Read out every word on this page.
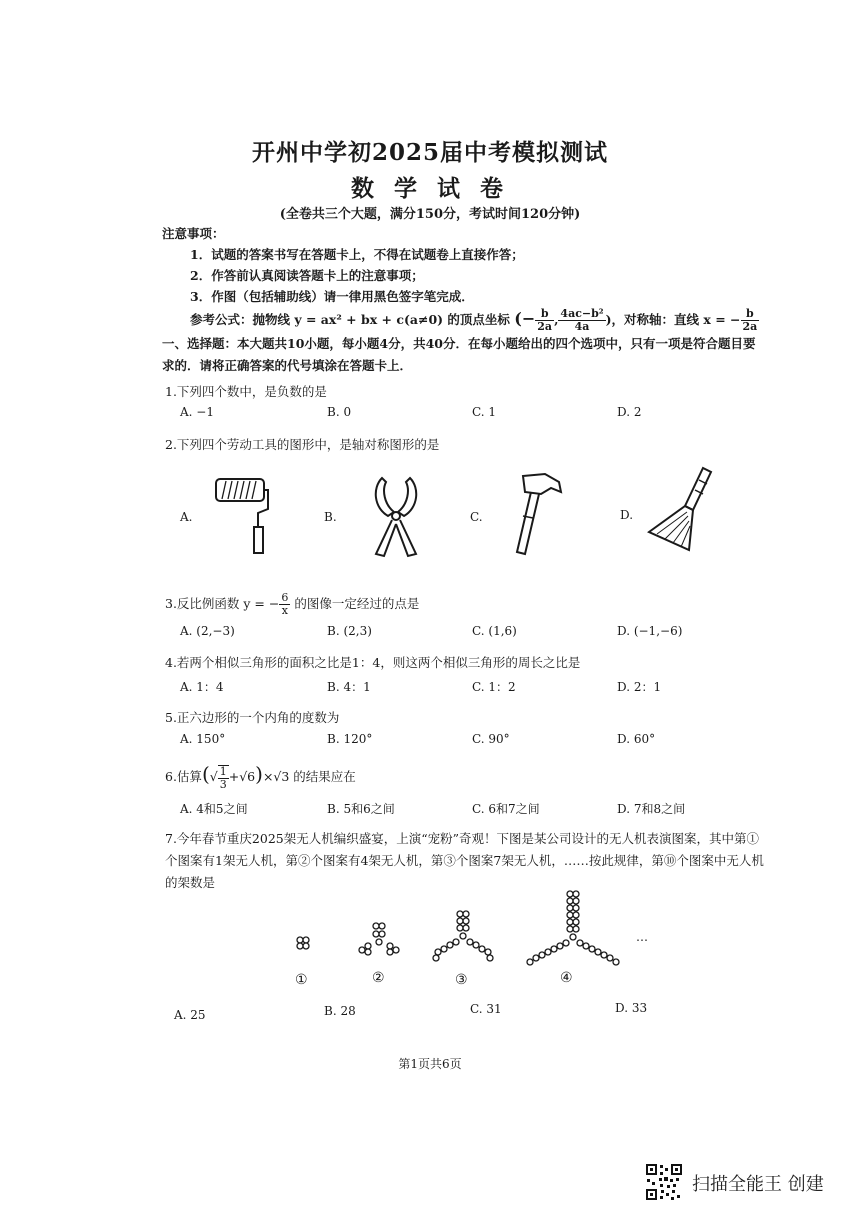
开州中学初2025届中考模拟测试
数 学 试 卷
(全卷共三个大题，满分150分，考试时间120分钟)
注意事项：
1．试题的答案书写在答题卡上，不得在试题卷上直接作答；
2．作答前认真阅读答题卡上的注意事项；
3．作图（包括辅助线）请一律用黑色签字笔完成．
参考公式：抛物线 y = ax² + bx + c(a≠0) 的顶点坐标 (− $\frac{b}{2a}$ , $\frac{\text{4ac−b²}}{4a}$ )，对称轴：直线 x = − $\frac{b}{2a}$
一、选择题：本大题共10小题，每小题4分，共40分．在每小题给出的四个选项中，只有一项是符合题目要求的．请将正确答案的代号填涂在答题卡上．
1.下列四个数中，是负数的是
A. −1	B. 0	C. 1	D. 2
2.下列四个劳动工具的图形中，是轴对称图形的是
A.	B.	C.	D.
3.反比例函数 y = − $\frac{6}{x}$ 的图像一定经过的点是
A. (2,−3)	B. (2,3)	C. (1,6)	D. (−1,−6)
4.若两个相似三角形的面积之比是1：4，则这两个相似三角形的周长之比是
A. 1：4	B. 4：1	C. 1：2	D. 2：1
5.正六边形的一个内角的度数为
A. 150°	B. 120°	C. 90°	D. 60°
6.估算(√ $\frac{1}{3} +√6)\times√3$ 的结果应在
A. 4和5之间	B. 5和6之间	C. 6和7之间	D. 7和8之间
7.今年春节重庆2025架无人机编织盛宴，上演“宠粉”奇观！下图是某公司设计的无人机表演图案，其中第①个图案有1架无人机，第②个图案有4架无人机，第③个图案7架无人机，……按此规律，第⑩个图案中无人机的架数是
…
①	②	③	④
A. 25	B. 28	C. 31	D. 33
第1页共6页
扫描全能王 创建
